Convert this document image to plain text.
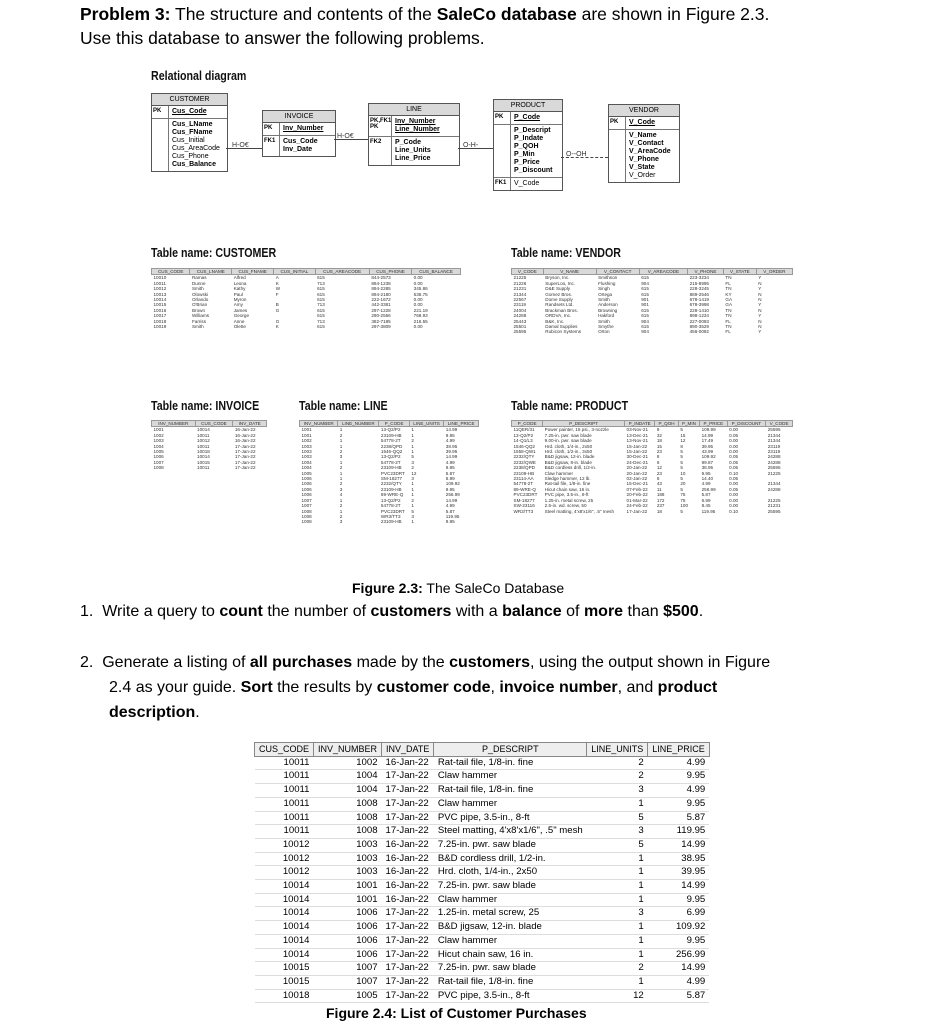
Problem 3: The structure and contents of the SaleCo database are shown in Figure 2.3.
Use this database to answer the following problems.
Relational diagram
CUSTOMER
PK	Cus_Code
Cus_LName
Cus_FName
Cus_Initial
Cus_AreaCode
Cus_Phone
Cus_Balance
INVOICE
PK	Inv_Number
FK1	Cus_Code
Inv_Date
LINE
PK,FK1
PK
Inv_Number
Line_Number
FK2	P_Code
Line_Units
Line_Price
PRODUCT
PK	P_Code
P_Descript
P_Indate
P_QOH
P_Min
P_Price
P_Discount
FK1	V_Code
VENDOR
PK	V_Code
V_Name
V_Contact
V_AreaCode
V_Phone
V_State
V_Order
H-O€
H-O€
O-H-
O--OH
Table name: CUSTOMER	Table name: VENDOR
Table name: INVOICE	Table name: LINE	Table name: PRODUCT
CUS_CODE	CUS_LNAME	CUS_FNAME	CUS_INITIAL	CUS_AREACODE	CUS_PHONE	CUS_BALANCE
10010	Ramas	Alfred	A	615	844-2573	0.00
10011	Dunne	Leona	K	713	894-1238	0.00
10012	Smith	Kathy	W	615	894-2285	345.86
10013	Olowski	Paul	F	615	894-2180	536.75
10014	Orlando	Myron		615	222-1672	0.00
10015	O'Brian	Amy	B	713	442-3381	0.00
10016	Brown	James	G	615	297-1228	221.19
10017	Williams	George		615	290-2556	768.93
10018	Farriss	Anne	G	713	382-7185	216.55
10019	Smith	Olette	K	615	297-3809	0.00
V_CODE	V_NAME	V_CONTACT	V_AREACODE	V_PHONE	V_STATE	V_ORDER
21225	Bryson, Inc.	Smithson	615	223-3234	TN	Y
21226	SuperLoo, Inc.	Flushing	904	215-8995	FL	N
21231	D&E Supply	Singh	615	228-3245	TN	Y
21344	Gomez Bros.	Ortega	615	889-2546	KY	N
22567	Dome Supply	Smith	901	678-1419	GA	N
23119	Randsets Ltd.	Anderson	901	678-3998	GA	Y
24004	Brackman Bros.	Browning	615	228-1410	TN	N
24288	ORDVA, Inc.	Hakford	615	898-1234	TN	Y
25443	B&K, Inc.	Smith	904	227-0093	FL	N
25501	Damal Supplies	Smythe	615	890-3529	TN	N
25595	Rubicon Systems	Orton	904	456-0092	FL	Y
INV_NUMBER	CUS_CODE	INV_DATE
1001	10014	16-Jan-22
1002	10011	16-Jan-22
1003	10012	16-Jan-22
1004	10011	17-Jan-22
1005	10018	17-Jan-22
1006	10014	17-Jan-22
1007	10015	17-Jan-22
1008	10011	17-Jan-22
INV_NUMBER	LINE_NUMBER	P_CODE	LINE_UNITS	LINE_PRICE
1001	1	13-Q2/P2	1	14.99
1001	2	23109-HB	1	9.95
1002	1	54778-2T	2	4.99
1003	1	2238/QPD	1	38.95
1003	2	1546-QQ2	1	39.95
1003	3	13-Q2/P2	5	14.99
1004	1	54778-2T	3	4.99
1004	2	23109-HB	2	9.95
1005	1	PVC23DRT	12	5.87
1006	1	SM-18277	3	6.99
1006	2	2232/QTY	1	109.92
1006	3	23109-HB	1	9.95
1006	4	89-WRE-Q	1	256.99
1007	1	13-Q2/P2	2	14.99
1007	2	54778-2T	1	4.99
1008	1	PVC23DRT	5	5.87
1008	2	WR3/TT3	3	119.95
1008	3	23109-HB	1	9.95
P_CODE	P_DESCRIPT	P_INDATE	P_QOH	P_MIN	P_PRICE	P_DISCOUNT	V_CODE
11QER/31	Power painter, 15 psi., 3-nozzle	03-Nov-21	8	5	109.99	0.00	25595
13-Q2/P2	7.25-in. pwr. saw blade	13-Dec-21	32	15	14.99	0.05	21344
14-Q1/L3	9.00-in. pwr. saw blade	13-Nov-21	18	12	17.49	0.00	21344
1546-QQ2	Hrd. cloth, 1/4-in., 2x50	15-Jan-22	15	8	39.95	0.00	23119
1558-QW1	Hrd. cloth, 1/2-in., 3x50	15-Jan-22	23	5	43.99	0.00	23119
2232/QTY	B&D jigsaw, 12-in. blade	30-Dec-21	8	5	109.92	0.05	24288
2232/QWE	B&D jigsaw, 8-in. blade	24-Dec-21	6	5	99.87	0.05	24288
2238/QPD	B&D cordless drill, 1/2-in.	20-Jan-22	12	5	38.95	0.05	25595
23109-HB	Claw hammer	20-Jan-22	23	10	9.95	0.10	21225
23114-AA	Sledge hammer, 12 lb.	02-Jan-22	8	5	14.40	0.05	
54778-2T	Rat-tail file, 1/8-in. fine	15-Dec-21	43	20	4.99	0.00	21344
89-WRE-Q	Hicut chain saw, 16 in.	07-Feb-22	11	5	256.99	0.05	24288
PVC23DRT	PVC pipe, 3.5-in., 8-ft	20-Feb-22	188	75	5.87	0.00	
SM-18277	1.25-in. metal screw, 25	01-Mar-22	172	75	6.99	0.00	21225
SW-23116	2.5-in. wd. screw, 50	24-Feb-22	237	100	8.45	0.00	21231
WR3/TT3	Steel matting, 4'x8'x1/6", .5" mesh	17-Jan-22	18	5	119.95	0.10	25595
Figure 2.3: The SaleCo Database
1. Write a query to count the number of customers with a balance of more than $500.
2. Generate a listing of all purchases made by the customers, using the output shown in Figure
2.4 as your guide. Sort the results by customer code, invoice number, and product
description.
CUS_CODE	INV_NUMBER	INV_DATE	P_DESCRIPT	LINE_UNITS	LINE_PRICE
10011	1002	16-Jan-22	Rat-tail file, 1/8-in. fine	2	4.99
10011	1004	17-Jan-22	Claw hammer	2	9.95
10011	1004	17-Jan-22	Rat-tail file, 1/8-in. fine	3	4.99
10011	1008	17-Jan-22	Claw hammer	1	9.95
10011	1008	17-Jan-22	PVC pipe, 3.5-in., 8-ft	5	5.87
10011	1008	17-Jan-22	Steel matting, 4'x8'x1/6", .5" mesh	3	119.95
10012	1003	16-Jan-22	7.25-in. pwr. saw blade	5	14.99
10012	1003	16-Jan-22	B&D cordless drill, 1/2-in.	1	38.95
10012	1003	16-Jan-22	Hrd. cloth, 1/4-in., 2x50	1	39.95
10014	1001	16-Jan-22	7.25-in. pwr. saw blade	1	14.99
10014	1001	16-Jan-22	Claw hammer	1	9.95
10014	1006	17-Jan-22	1.25-in. metal screw, 25	3	6.99
10014	1006	17-Jan-22	B&D jigsaw, 12-in. blade	1	109.92
10014	1006	17-Jan-22	Claw hammer	1	9.95
10014	1006	17-Jan-22	Hicut chain saw, 16 in.	1	256.99
10015	1007	17-Jan-22	7.25-in. pwr. saw blade	2	14.99
10015	1007	17-Jan-22	Rat-tail file, 1/8-in. fine	1	4.99
10018	1005	17-Jan-22	PVC pipe, 3.5-in., 8-ft	12	5.87
Figure 2.4: List of Customer Purchases
